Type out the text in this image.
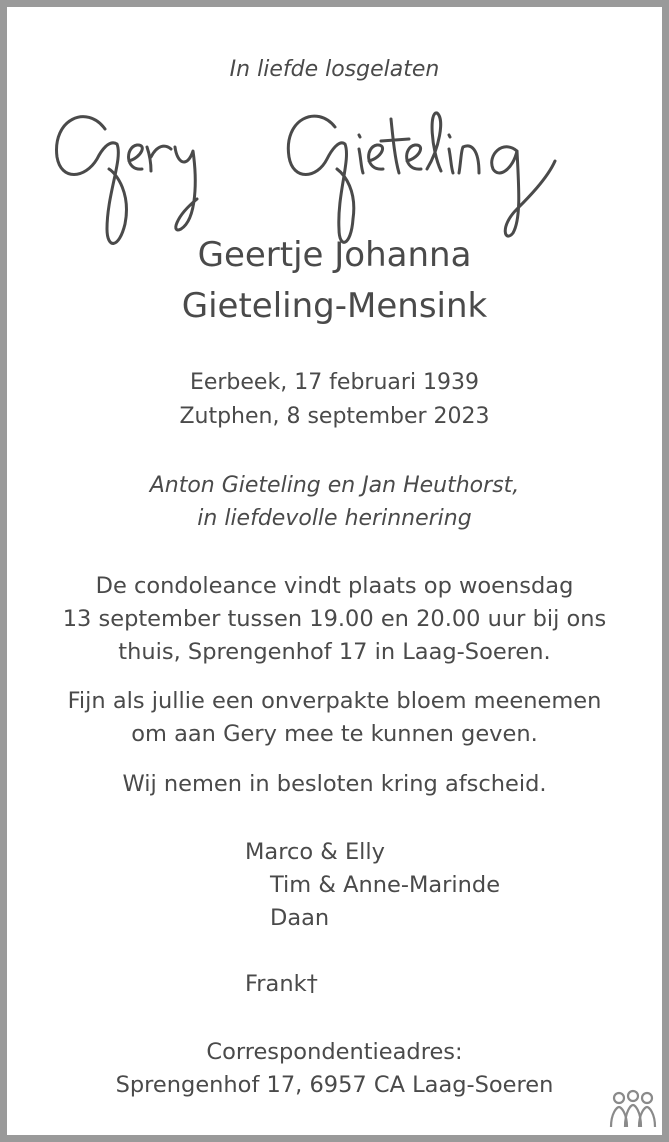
In liefde losgelaten
Geertje Johanna
Gieteling-Mensink
Eerbeek, 17 februari 1939
Zutphen, 8 september 2023
Anton Gieteling en Jan Heuthorst,
in liefdevolle herinnering
De condoleance vindt plaats op woensdag
13 september tussen 19.00 en 20.00 uur bij ons
thuis, Sprengenhof 17 in Laag-Soeren.
Fijn als jullie een onverpakte bloem meenemen
om aan Gery mee te kunnen geven.
Wij nemen in besloten kring afscheid.
Marco & Elly
Tim & Anne-Marinde
Daan
Frank†
Correspondentieadres:
Sprengenhof 17, 6957 CA Laag-Soeren
